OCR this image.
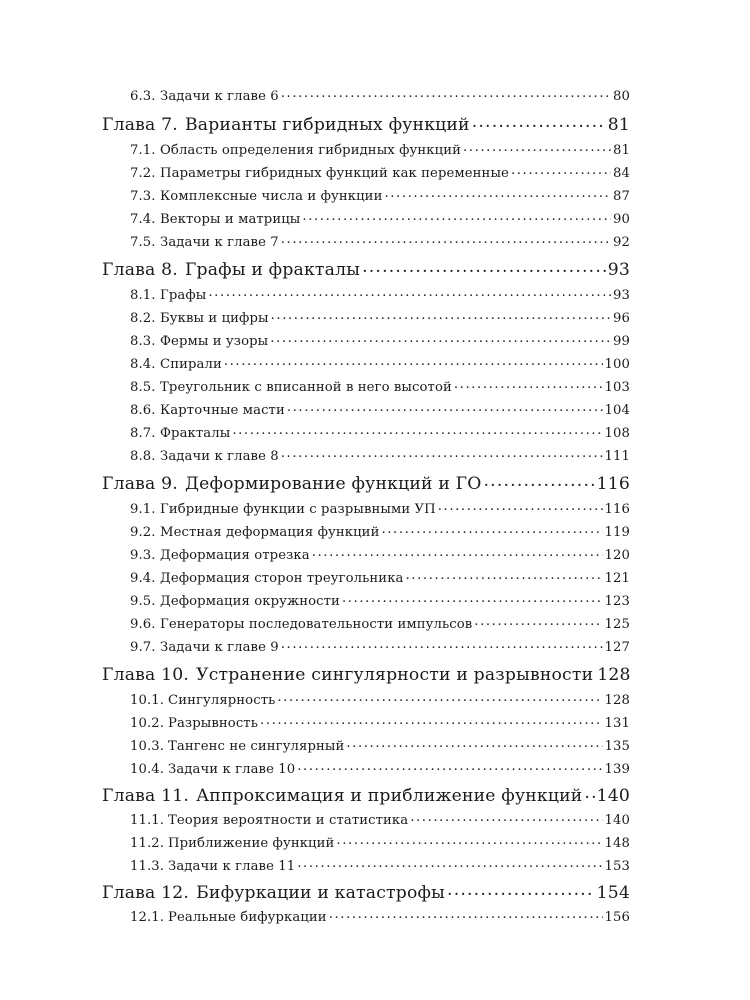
6.3. Задачи к главе 6 .....	80
Глава 7. Варианты гибридных функций .....	81
7.1. Область определения гибридных функций .....	81
7.2. Параметры гибридных функций как переменные .....	84
7.3. Комплексные числа и функции .....	87
7.4. Векторы и матрицы .....	90
7.5. Задачи к главе 7 .....	92
Глава 8. Графы и фракталы .....	93
8.1. Графы .....	93
8.2. Буквы и цифры .....	96
8.3. Фермы и узоры .....	99
8.4. Спирали .....	100
8.5. Треугольник с вписанной в него высотой .....	103
8.6. Карточные масти .....	104
8.7. Фракталы .....	108
8.8. Задачи к главе 8 .....	111
Глава 9. Деформирование функций и ГО .....	116
9.1. Гибридные функции с разрывными УП .....	116
9.2. Местная деформация функций .....	119
9.3. Деформация отрезка .....	120
9.4. Деформация сторон треугольника .....	121
9.5. Деформация окружности .....	123
9.6. Генераторы последовательности импульсов .....	125
9.7. Задачи к главе 9 .....	127
Глава 10. Устранение сингулярности и разрывности 128
10.1. Сингулярность .....	128
10.2. Разрывность .....	131
10.3. Тангенс не сингулярный .....	135
10.4. Задачи к главе 10 .....	139
Глава 11. Аппроксимация и приближение функций ..... 140
11.1. Теория вероятности и статистика .....	140
11.2. Приближение функций .....	148
11.3. Задачи к главе 11 .....	153
Глава 12. Бифуркации и катастрофы .....	154
12.1. Реальные бифуркации .....	156
